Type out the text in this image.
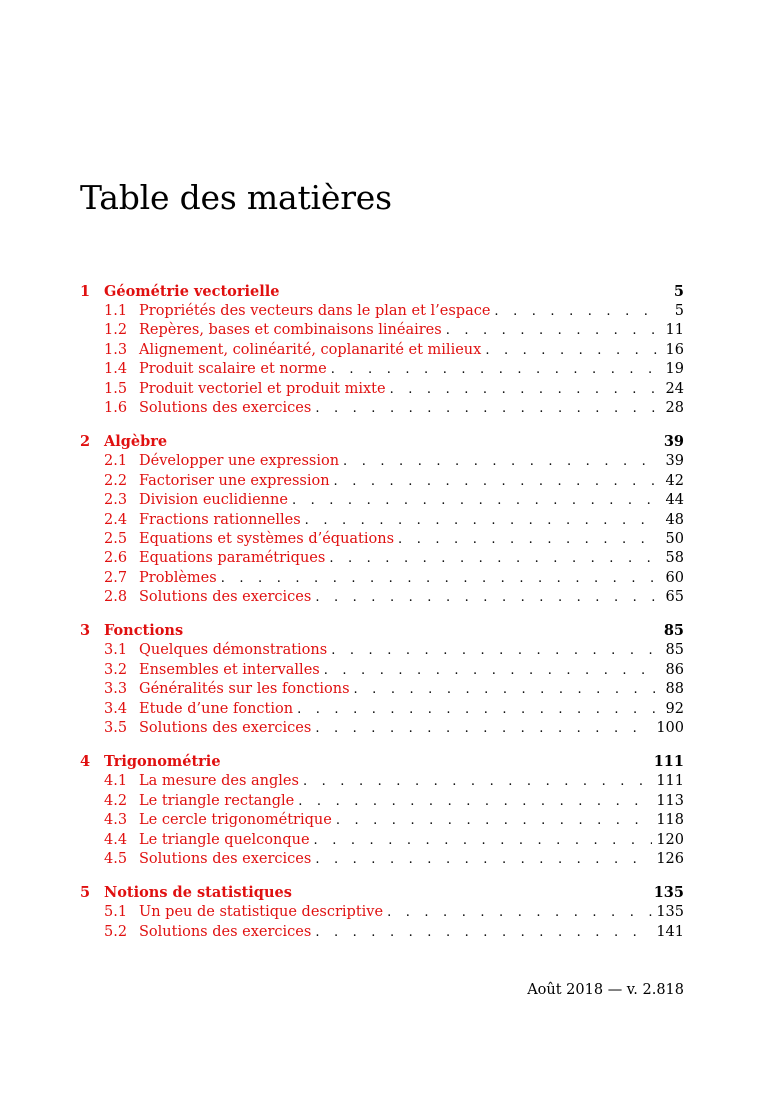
Table des matières
1 Géométrie vectorielle	5
1.1 Propriétés des vecteurs dans le plan et l’espace . . .	5
1.2 Repères, bases et combinaisons linéaires . . .	11
1.3 Alignement, colinéarité, coplanarité et milieux . . .	16
1.4 Produit scalaire et norme . . .	19
1.5 Produit vectoriel et produit mixte . . .	24
1.6 Solutions des exercices . . .	28
2 Algèbre	39
2.1 Développer une expression . . .	39
2.2 Factoriser une expression . . .	42
2.3 Division euclidienne . . .	44
2.4 Fractions rationnelles . . .	48
2.5 Equations et systèmes d’équations . . .	50
2.6 Equations paramétriques . . .	58
2.7 Problèmes . . .	60
2.8 Solutions des exercices . . .	65
3 Fonctions	85
3.1 Quelques démonstrations . . .	85
3.2 Ensembles et intervalles . . .	86
3.3 Généralités sur les fonctions . . .	88
3.4 Etude d’une fonction . . .	92
3.5 Solutions des exercices . . .	100
4 Trigonométrie	111
4.1 La mesure des angles . . .	111
4.2 Le triangle rectangle . . .	113
4.3 Le cercle trigonométrique . . .	118
4.4 Le triangle quelconque . . .	120
4.5 Solutions des exercices . . .	126
5 Notions de statistiques	135
5.1 Un peu de statistique descriptive . . .	135
5.2 Solutions des exercices . . .	141
Août 2018 — v. 2.818
